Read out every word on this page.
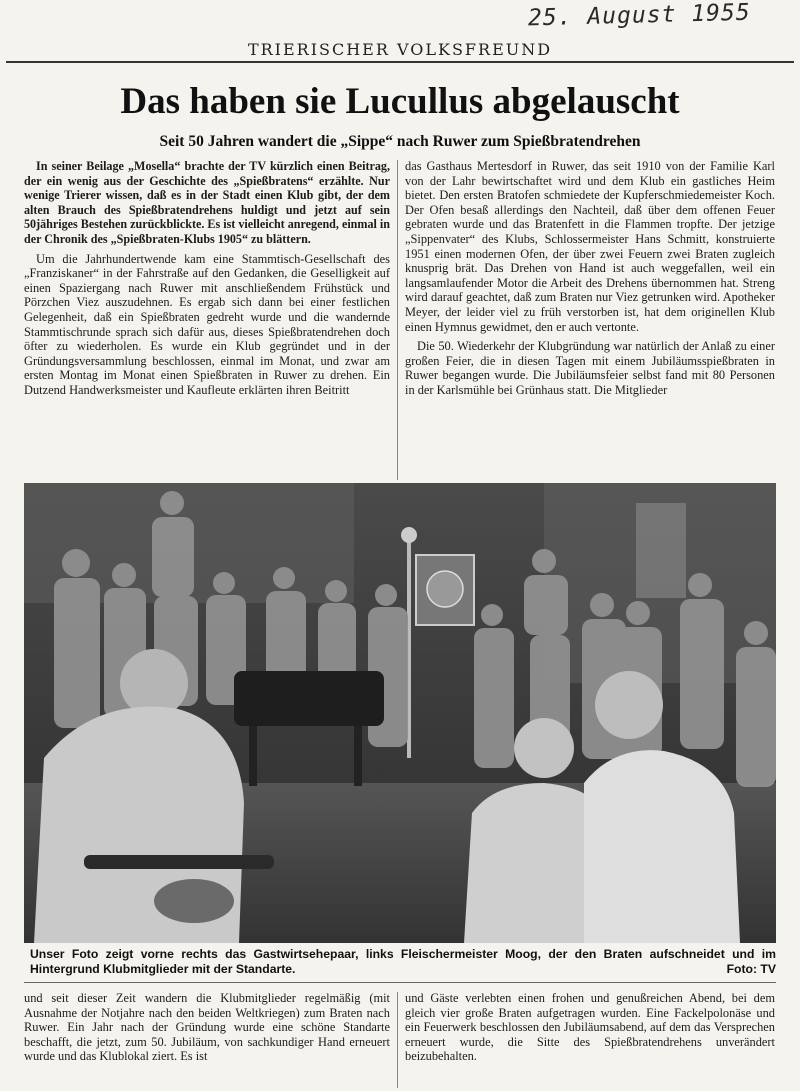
25. August 1955
TRIERISCHER VOLKSFREUND
Das haben sie Lucullus abgelauscht
Seit 50 Jahren wandert die „Sippe“ nach Ruwer zum Spießbratendrehen

In seiner Beilage „Mosella“ brachte der TV kürzlich einen Beitrag, der ein wenig aus der Geschichte des „Spießbratens“ erzählte. Nur wenige Trierer wissen, daß es in der Stadt einen Klub gibt, der dem alten Brauch des Spießbratendrehens huldigt und jetzt auf sein 50jähriges Bestehen zurückblickte. Es ist vielleicht anregend, einmal in der Chronik des „Spießbraten-Klubs 1905“ zu blättern.

Um die Jahrhundertwende kam eine Stammtisch-Gesellschaft des „Franziskaner“ in der Fahrstraße auf den Gedanken, die Geselligkeit auf einen Spaziergang nach Ruwer mit anschließendem Frühstück und Pörzchen Viez auszudehnen. Es ergab sich dann bei einer festlichen Gelegenheit, daß ein Spießbraten gedreht wurde und die wandernde Stammtischrunde sprach sich dafür aus, dieses Spießbratendrehen doch öfter zu wiederholen. Es wurde ein Klub gegründet und in der Gründungsversammlung beschlossen, einmal im Monat, und zwar am ersten Montag im Monat einen Spießbraten in Ruwer zu drehen. Ein Dutzend Handwerksmeister und Kaufleute erklärten ihren Beitritt

das Gasthaus Mertesdorf in Ruwer, das seit 1910 von der Familie Karl von der Lahr bewirtschaftet wird und dem Klub ein gastliches Heim bietet. Den ersten Bratofen schmiedete der Kupferschmiedemeister Koch. Der Ofen besaß allerdings den Nachteil, daß über dem offenen Feuer gebraten wurde und das Bratenfett in die Flammen tropfte. Der jetzige „Sippenvater“ des Klubs, Schlossermeister Hans Schmitt, konstruierte 1951 einen modernen Ofen, der über zwei Feuern zwei Braten zugleich knusprig brät. Das Drehen von Hand ist auch weggefallen, weil ein langsamlaufender Motor die Arbeit des Drehens übernommen hat. Streng wird darauf geachtet, daß zum Braten nur Viez getrunken wird. Apotheker Meyer, der leider viel zu früh verstorben ist, hat dem originellen Klub einen Hymnus gewidmet, den er auch vertonte.

Die 50. Wiederkehr der Klubgründung war natürlich der Anlaß zu einer großen Feier, die in diesen Tagen mit einem Jubiläumsspießbraten in Ruwer begangen wurde. Die Jubiläumsfeier selbst fand mit 80 Personen in der Karlsmühle bei Grünhaus statt. Die Mitglieder

Unser Foto zeigt vorne rechts das Gastwirtsehepaar, links Fleischermeister Moog, der den Braten aufschneidet und im Hintergrund Klubmitglieder mit der Standarte.	Foto: TV

und seit dieser Zeit wandern die Klubmitglieder regelmäßig (mit Ausnahme der Notjahre nach den beiden Weltkriegen) zum Braten nach Ruwer. Ein Jahr nach der Gründung wurde eine schöne Standarte beschafft, die jetzt, zum 50. Jubiläum, von sachkundiger Hand erneuert wurde und das Klublokal ziert. Es ist

und Gäste verlebten einen frohen und genußreichen Abend, bei dem gleich vier große Braten aufgetragen wurden. Eine Fackelpolonäse und ein Feuerwerk beschlossen den Jubiläumsabend, auf dem das Versprechen erneuert wurde, die Sitte des Spießbratendrehens unverändert beizubehalten.
